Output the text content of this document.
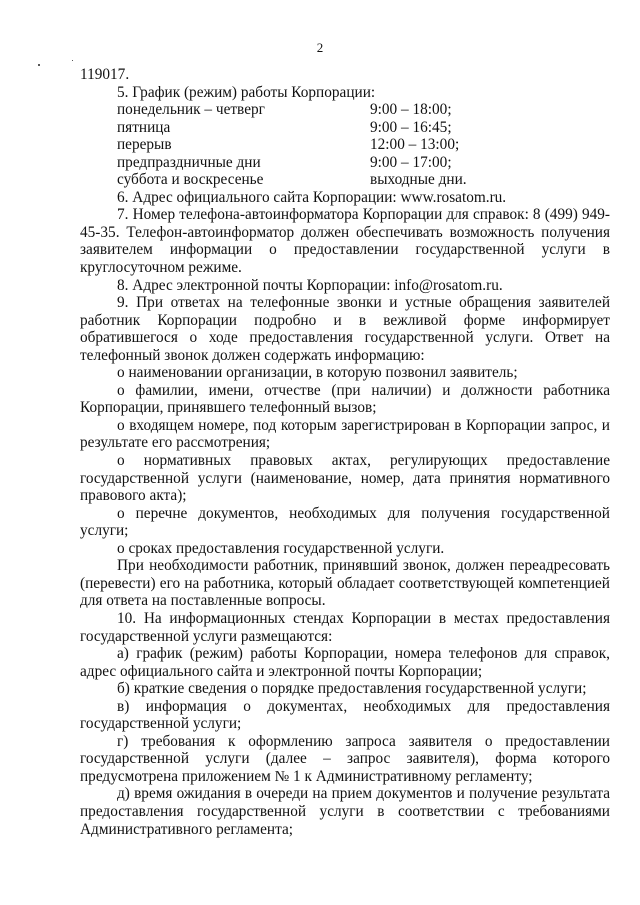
2

119017.

5. График (режим) работы Корпорации:

понедельник – четверг	9:00 – 18:00;
пятница	9:00 – 16:45;
перерыв	12:00 – 13:00;
предпраздничные дни	9:00 – 17:00;
суббота и воскресенье	выходные дни.

6. Адрес официального сайта Корпорации: www.rosatom.ru.

7. Номер телефона-автоинформатора Корпорации для справок: 8 (499) 949-45-35. Телефон-автоинформатор должен обеспечивать возможность получения заявителем информации о предоставлении государственной услуги в круглосуточном режиме.

8. Адрес электронной почты Корпорации: info@rosatom.ru.

9. При ответах на телефонные звонки и устные обращения заявителей работник Корпорации подробно и в вежливой форме информирует обратившегося о ходе предоставления государственной услуги. Ответ на телефонный звонок должен содержать информацию:

о наименовании организации, в которую позвонил заявитель;

о фамилии, имени, отчестве (при наличии) и должности работника Корпорации, принявшего телефонный вызов;

о входящем номере, под которым зарегистрирован в Корпорации запрос, и результате его рассмотрения;

о нормативных правовых актах, регулирующих предоставление государственной услуги (наименование, номер, дата принятия нормативного правового акта);

о перечне документов, необходимых для получения государственной услуги;

о сроках предоставления государственной услуги.

При необходимости работник, принявший звонок, должен переадресовать (перевести) его на работника, который обладает соответствующей компетенцией для ответа на поставленные вопросы.

10. На информационных стендах Корпорации в местах предоставления государственной услуги размещаются:

а) график (режим) работы Корпорации, номера телефонов для справок, адрес официального сайта и электронной почты Корпорации;

б) краткие сведения о порядке предоставления государственной услуги;

в) информация о документах, необходимых для предоставления государственной услуги;

г) требования к оформлению запроса заявителя о предоставлении государственной услуги (далее – запрос заявителя), форма которого предусмотрена приложением № 1 к Административному регламенту;

д) время ожидания в очереди на прием документов и получение результата предоставления государственной услуги в соответствии с требованиями Административного регламента;
